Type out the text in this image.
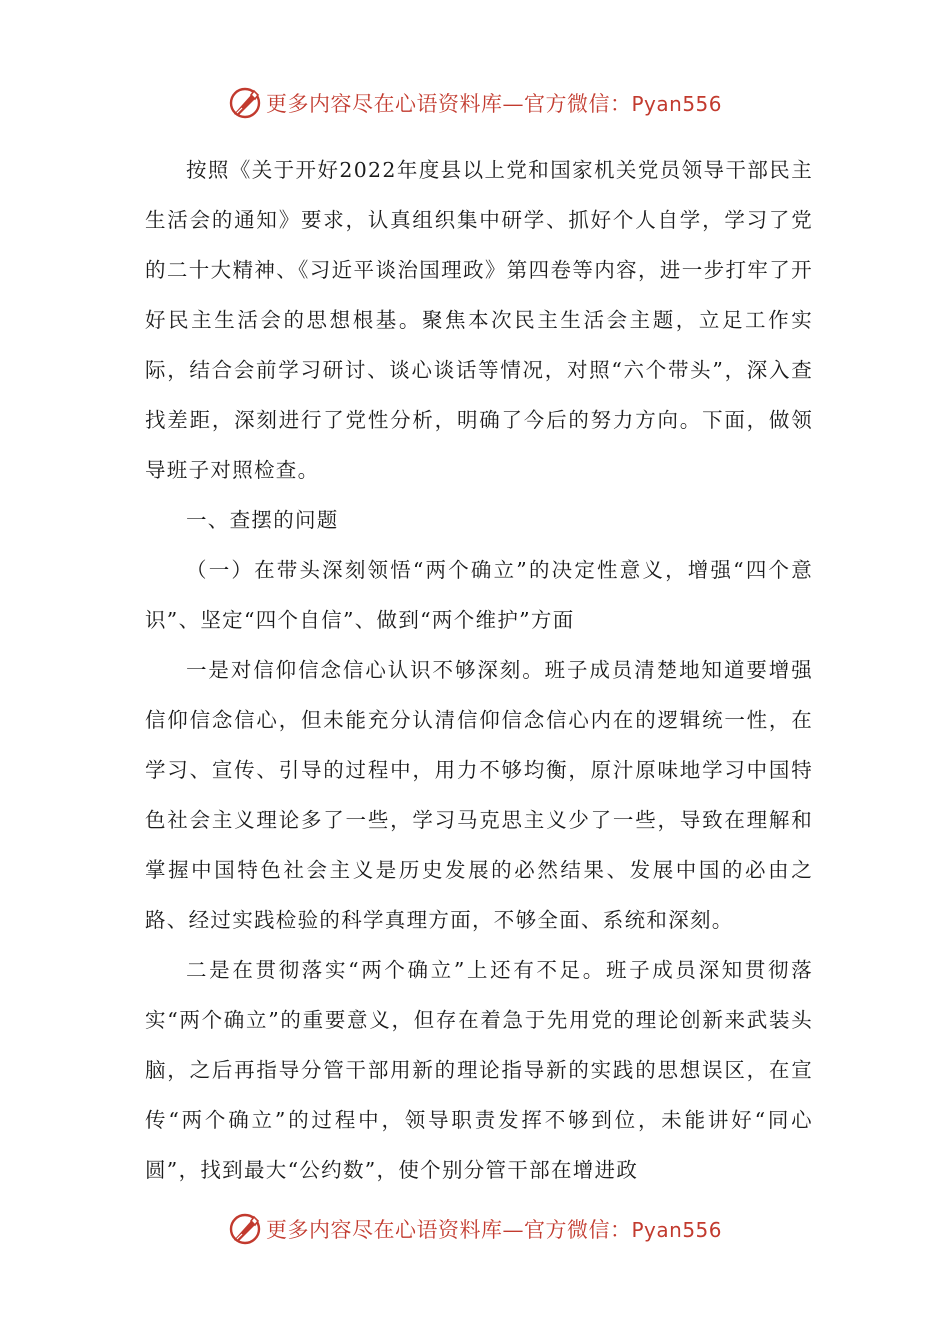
更多内容尽在心语资料库—官方微信：Pyan556

按照《关于开好2022年度县以上党和国家机关党员领导干部民主生活会的通知》要求，认真组织集中研学、抓好个人自学，学习了党的二十大精神、《习近平谈治国理政》第四卷等内容，进一步打牢了开好民主生活会的思想根基。聚焦本次民主生活会主题，立足工作实际，结合会前学习研讨、谈心谈话等情况，对照“六个带头”，深入查找差距，深刻进行了党性分析，明确了今后的努力方向。下面，做领导班子对照检查。

一、查摆的问题

（一）在带头深刻领悟“两个确立”的决定性意义，增强“四个意识”、坚定“四个自信”、做到“两个维护”方面

一是对信仰信念信心认识不够深刻。班子成员清楚地知道要增强信仰信念信心，但未能充分认清信仰信念信心内在的逻辑统一性，在学习、宣传、引导的过程中，用力不够均衡，原汁原味地学习中国特色社会主义理论多了一些，学习马克思主义少了一些，导致在理解和掌握中国特色社会主义是历史发展的必然结果、发展中国的必由之路、经过实践检验的科学真理方面，不够全面、系统和深刻。

二是在贯彻落实“两个确立”上还有不足。班子成员深知贯彻落实“两个确立”的重要意义，但存在着急于先用党的理论创新来武装头脑，之后再指导分管干部用新的理论指导新的实践的思想误区，在宣传“两个确立”的过程中，领导职责发挥不够到位，未能讲好“同心圆”，找到最大“公约数”，使个别分管干部在增进政

更多内容尽在心语资料库—官方微信：Pyan556
